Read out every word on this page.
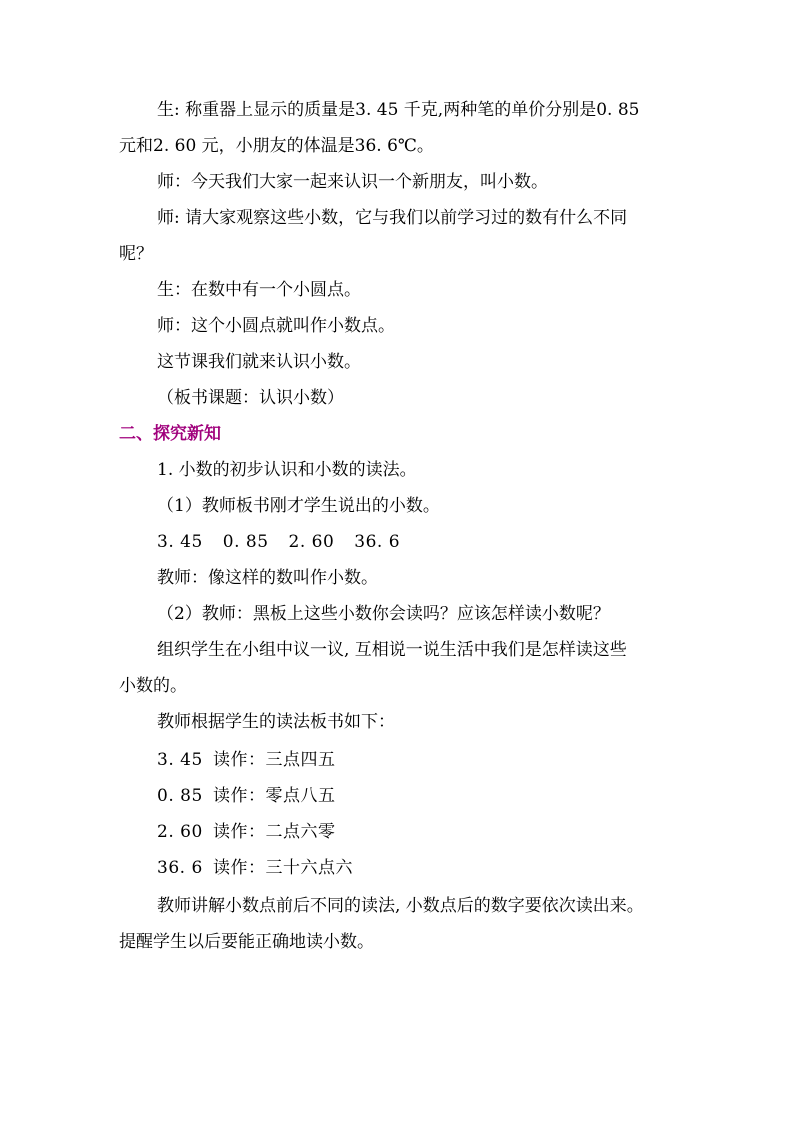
生: 称重器上显示的质量是3. 45 千克,两种笔的单价分别是0. 85
元和2. 60 元，小朋友的体温是36. 6℃。
师：今天我们大家一起来认识一个新朋友，叫小数。
师: 请大家观察这些小数，它与我们以前学习过的数有什么不同
呢？
生：在数中有一个小圆点。
师：这个小圆点就叫作小数点。
这节课我们就来认识小数。
（板书课题：认识小数）
二、探究新知
1. 小数的初步认识和小数的读法。
（1）教师板书刚才学生说出的小数。
3. 45 0. 85 2. 60 36. 6
教师：像这样的数叫作小数。
（2）教师：黑板上这些小数你会读吗？应该怎样读小数呢？
组织学生在小组中议一议, 互相说一说生活中我们是怎样读这些
小数的。
教师根据学生的读法板书如下：
3. 45 读作：三点四五
0. 85 读作：零点八五
2. 60 读作：二点六零
36. 6 读作：三十六点六
教师讲解小数点前后不同的读法, 小数点后的数字要依次读出来。
提醒学生以后要能正确地读小数。
